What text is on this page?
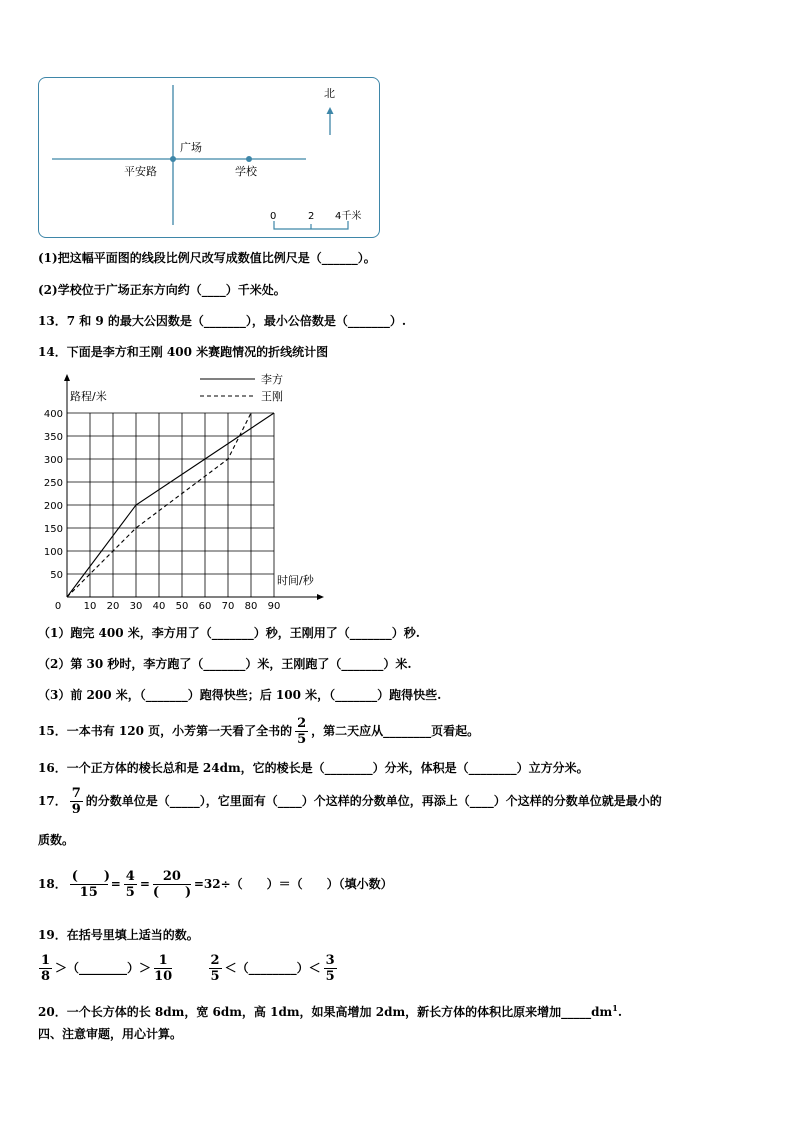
广场
平安路	学校
北
0	2 4千米
(1)把这幅平面图的线段比例尺改写成数值比例尺是（______）。
(2)学校位于广场正东方向约（____）千米处。
13．7 和 9 的最大公因数是（_______），最小公倍数是（_______）.
14．下面是李方和王刚 400 米赛跑情况的折线统计图
0 10 20 30 40 50 60 70 80 90
50
100
150
200
250
300
350
400
路程/米
时间/秒
李方
王刚
（1）跑完 400 米，李方用了（_______）秒，王刚用了（_______）秒.
（2）第 30 秒时，李方跑了（_______）米，王刚跑了（_______）米.
（3）前 200 米，（_______）跑得快些；后 100 米，（_______）跑得快些.
15．一本书有 120 页，小芳第一天看了全书的 $\frac{2}{5}$ ，第二天应从________页看起。
16．一个正方体的棱长总和是 24dm，它的棱长是（________）分米，体积是（________）立方分米。
17． $\frac{7}{9}$ 的分数单位是（_____），它里面有（____）个这样的分数单位，再添上（____）个这样的分数单位就是最小的
质数。
18． $\frac{( )}{15} = \frac{4}{5} = \frac{20}{( )} =32\div$（　　）＝（　　）（填小数）
19．在括号里填上适当的数。
$\frac{1}{8}$ ＞（________）＞ $\frac{1}{10}$
	$\frac{2}{5}$ ＜（________）＜ $\frac{3}{5}$
20．一个长方体的长 8dm，宽 6dm，高 1dm，如果高增加 2dm，新长方体的体积比原来增加$\_\_\_\_\_dm^1$.
四、注意审题，用心计算。
